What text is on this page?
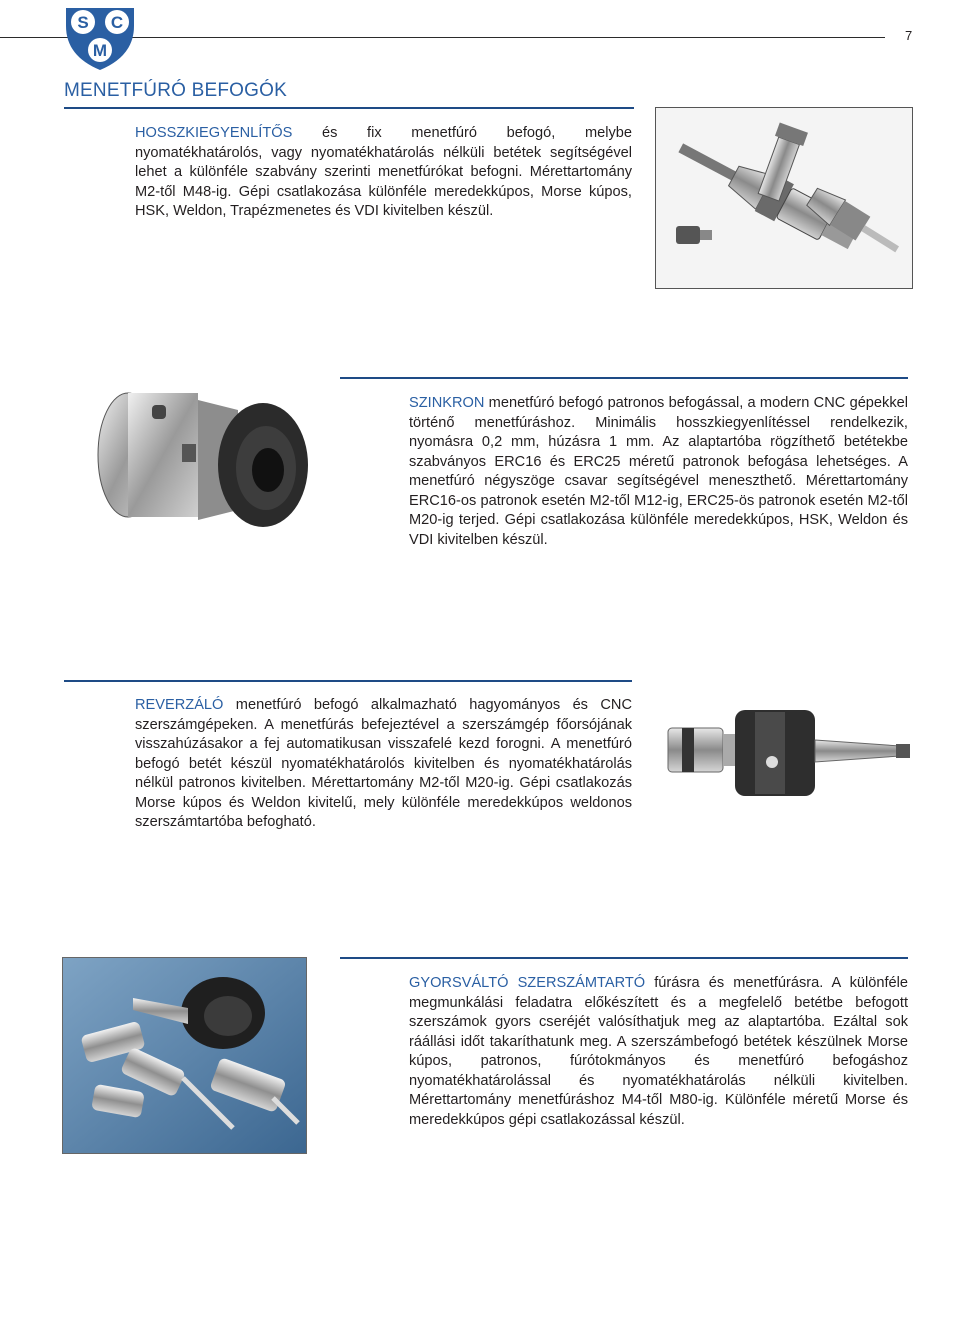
S C
M
7
MENETFÚRÓ BEFOGÓK
HOSSZKIEGYENLÍTŐS és fix menetfúró befogó, melybe nyomatékhatárolós, vagy nyomatékhatárolás nélküli betétek segítségével lehet a különféle szabvány szerinti menetfúrókat befogni. Mérettartomány M2-től M48-ig. Gépi csatlakozása különféle meredekkúpos, Morse kúpos, HSK, Weldon, Trapézmenetes és VDI kivitelben készül.
SZINKRON menetfúró befogó patronos befogással, a modern CNC gépekkel történő menetfúráshoz. Minimális hosszkiegyenlítéssel rendelkezik, nyomásra 0,2 mm, húzásra 1 mm. Az alaptartóba rögzíthető betétekbe szabványos ERC16 és ERC25 méretű patronok befogása lehetséges. A menetfúró négyszöge csavar segítségével meneszthető. Mérettartomány ERC16-os patronok esetén M2-től M12-ig, ERC25-ös patronok esetén M2-től M20-ig terjed. Gépi csatlakozása különféle meredekkúpos, HSK, Weldon és VDI kivitelben készül.
REVERZÁLÓ menetfúró befogó alkalmazható hagyományos és CNC szerszámgépeken. A menetfúrás befejeztével a szerszámgép főorsójának visszahúzásakor a fej automatikusan visszafelé kezd forogni. A menetfúró befogó betét készül nyomatékhatárolós kivitelben és nyomatékhatárolás nélkül patronos kivitelben. Mérettartomány M2-től M20-ig. Gépi csatlakozás Morse kúpos és Weldon kivitelű, mely különféle meredekkúpos weldonos szerszámtartóba befogható.
GYORSVÁLTÓ SZERSZÁMTARTÓ fúrásra és menetfúrásra. A különféle megmunkálási feladatra előkészített és a megfelelő betétbe befogott szerszámok gyors cseréjét valósíthatjuk meg az alaptartóba. Ezáltal sok ráállási időt takaríthatunk meg. A szerszámbefogó betétek készülnek Morse kúpos, patronos, fúrótokmányos és menetfúró befogáshoz nyomatékhatárolással és nyomatékhatárolás nélküli kivitelben. Mérettartomány menetfúráshoz M4-től M80-ig. Különféle méretű Morse és meredekkúpos gépi csatlakozással készül.
